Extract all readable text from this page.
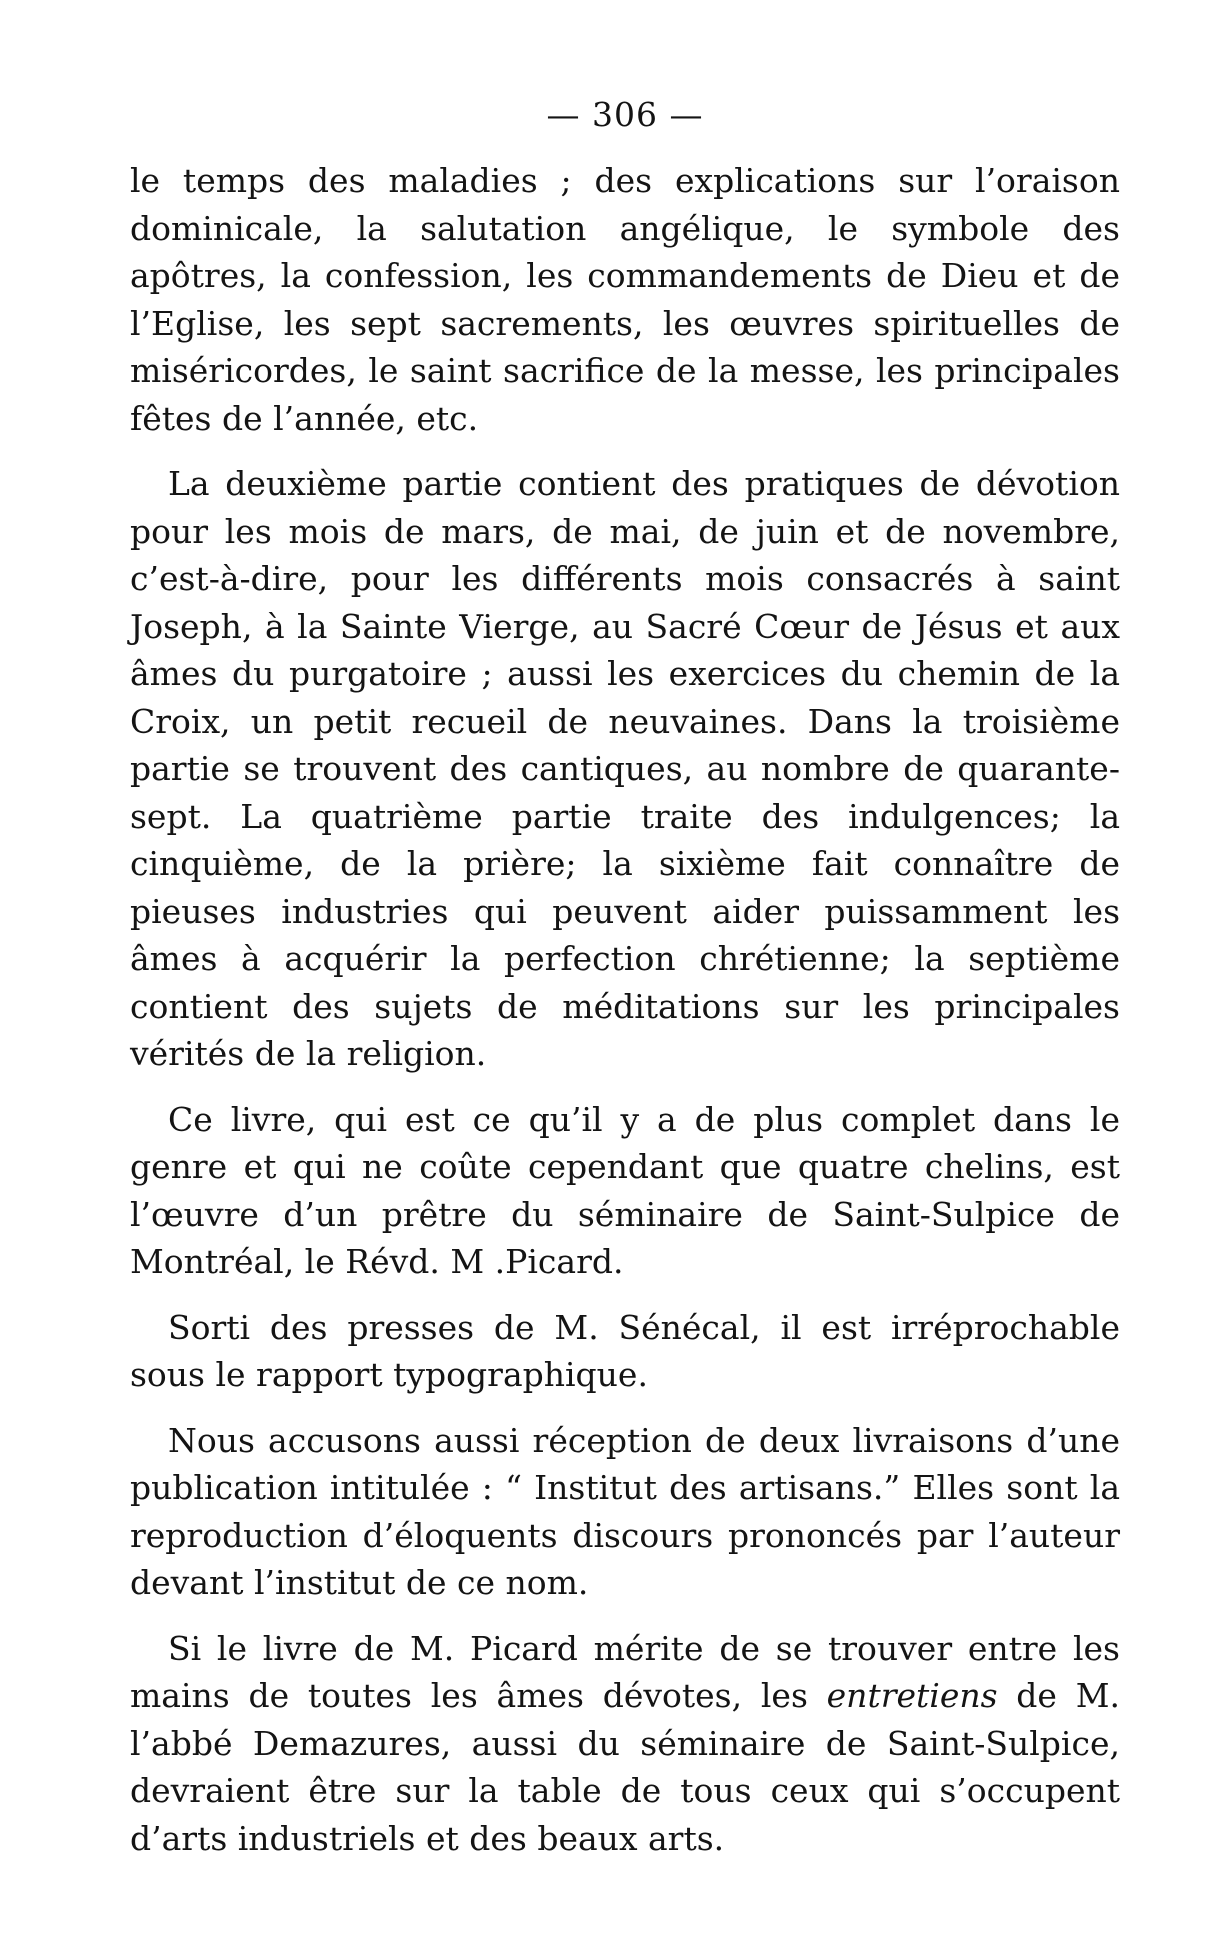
— 306 —

le temps des maladies ; des explications sur l’oraison dominicale, la salutation angélique, le symbole des apôtres, la confession, les commandements de Dieu et de l’Eglise, les sept sacrements, les œuvres spirituelles de miséricordes, le saint sacrifice de la messe, les principales fêtes de l’année, etc.

La deuxième partie contient des pratiques de dévotion pour les mois de mars, de mai, de juin et de novembre, c’est-à-dire, pour les différents mois consacrés à saint Joseph, à la Sainte Vierge, au Sacré Cœur de Jésus et aux âmes du purgatoire ; aussi les exercices du chemin de la Croix, un petit recueil de neuvaines. Dans la troisième partie se trouvent des cantiques, au nombre de quarante-sept. La quatrième partie traite des indulgences; la cinquième, de la prière; la sixième fait connaître de pieuses industries qui peuvent aider puissamment les âmes à acquérir la perfection chrétienne; la septième contient des sujets de méditations sur les principales vérités de la religion.

Ce livre, qui est ce qu’il y a de plus complet dans le genre et qui ne coûte cependant que quatre chelins, est l’œuvre d’un prêtre du séminaire de Saint-Sulpice de Montréal, le Révd. M .Picard.

Sorti des presses de M. Sénécal, il est irréprochable sous le rapport typographique.

Nous accusons aussi réception de deux livraisons d’une publication intitulée : “ Institut des artisans.” Elles sont la reproduction d’éloquents discours prononcés par l’auteur devant l’institut de ce nom.

Si le livre de M. Picard mérite de se trouver entre les mains de toutes les âmes dévotes, les entretiens de M. l’abbé Demazures, aussi du séminaire de Saint-Sulpice, devraient être sur la table de tous ceux qui s’occupent d’arts industriels et des beaux arts.
